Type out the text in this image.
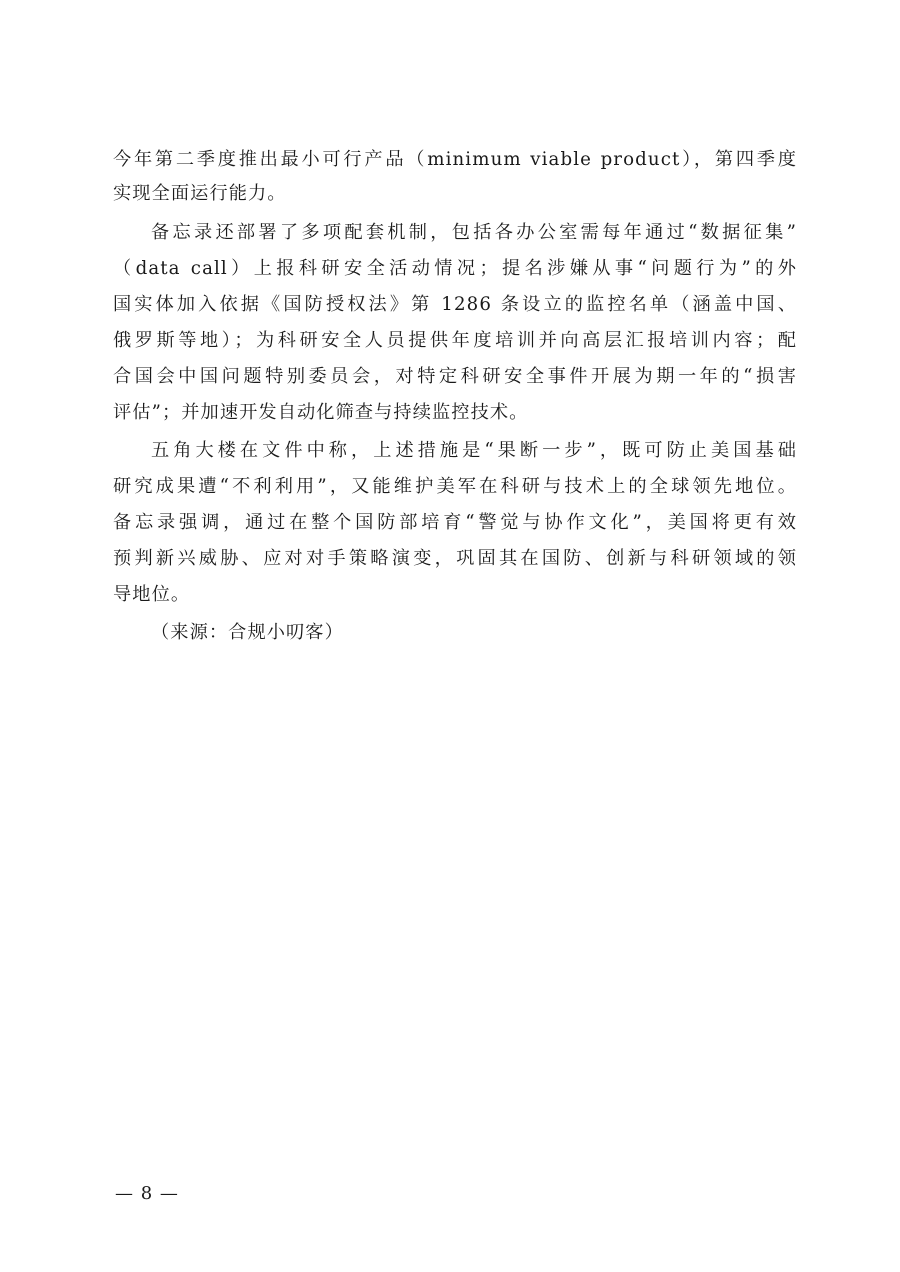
今年第二季度推出最小可行产品（minimum viable product），第四季度
实现全面运行能力。
备忘录还部署了多项配套机制，包括各办公室需每年通过“数据征集”
（data call）上报科研安全活动情况；提名涉嫌从事“问题行为”的外
国实体加入依据《国防授权法》第 1286 条设立的监控名单（涵盖中国、
俄罗斯等地）；为科研安全人员提供年度培训并向高层汇报培训内容；配
合国会中国问题特别委员会，对特定科研安全事件开展为期一年的“损害
评估”；并加速开发自动化筛查与持续监控技术。
五角大楼在文件中称，上述措施是“果断一步”，既可防止美国基础
研究成果遭“不利利用”，又能维护美军在科研与技术上的全球领先地位。
备忘录强调，通过在整个国防部培育“警觉与协作文化”，美国将更有效
预判新兴威胁、应对对手策略演变，巩固其在国防、创新与科研领域的领
导地位。
（来源：合规小叨客）
— 8 —
